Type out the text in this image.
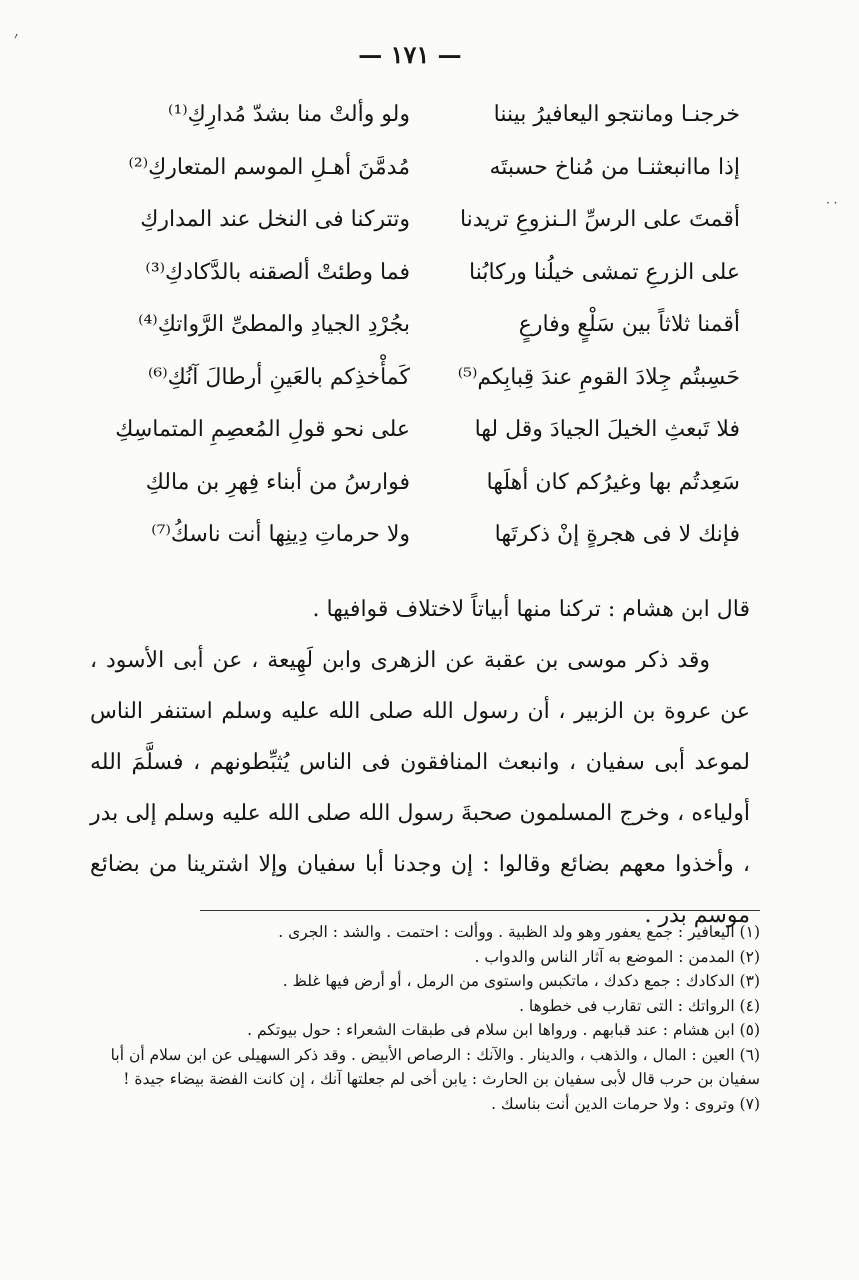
׳
· ·
— ١٧١ —
خرجنـا ومانتجو اليعافيرُ بيننا
ولو وألتْ منا بشدّ مُدارِكِ⁽¹⁾
إذا ماانبعثنـا من مُناخ حسبتَه
مُدمَّنَ أهـلِ الموسم المتعاركِ⁽²⁾
أقمتَ على الرسِّ الـنزوعِ تريدنا
وتتركنا فى النخل عند المداركِ
على الزرعِ تمشى خيلُنا وركابُنا
فما وطئتْ ألصقنه بالدَّكادكِ⁽³⁾
أقمنا ثلاثاً بين سَلْعٍ وفارعٍ
بجُرْدِ الجيادِ والمطىِّ الرَّواتكِ⁽⁴⁾
حَسِبتُم جِلادَ القومِ عندَ قِبابِكم⁽⁵⁾
كَمأْخذِكم بالعَينِ أرطالَ آنُكِ⁽⁶⁾
فلا تَبعثِ الخيلَ الجيادَ وقل لها
على نحو قولِ المُعصِمِ المتماسِكِ
سَعِدتُم بها وغيرُكم كان أهلَها
فوارسُ من أبناء فِهرِ بن مالكِ
فإنك لا فى هجرةٍ إنْ ذكرتَها
ولا حرماتِ دِينِها أنت ناسكُ⁽⁷⁾

قال ابن هشام : تركنا منها أبياتاً لاختلاف قوافيها .

وقد ذكر موسى بن عقبة عن الزهرى وابن لَهِيعة ، عن أبى الأسود ، عن عروة بن الزبير ، أن رسول الله صلى الله عليه وسلم استنفر الناس لموعد أبى سفيان ، وانبعث المنافقون فى الناس يُثبِّطونهم ، فسلَّمَ الله أولياءه ، وخرج المسلمون صحبةَ رسول الله صلى الله عليه وسلم إلى بدر ، وأخذوا معهم بضائع وقالوا : إن وجدنا أبا سفيان وإلا اشترينا من بضائع موسم بدر .

(١) اليعافير : جمع يعفور وهو ولد الظبية . ووألت : احتمت . والشد : الجرى .

(٢) المدمن : الموضع به آثار الناس والدواب .

(٣) الدكادك : جمع دكدك ، ماتكبس واستوى من الرمل ، أو أرض فيها غلظ .

(٤) الرواتك : التى تقارب فى خطوها .

(٥) ابن هشام : عند قبابهم . ورواها ابن سلام فى طبقات الشعراء : حول بيوتكم .

(٦) العين : المال ، والذهب ، والدينار . والآنك : الرصاص الأبيض . وقد ذكر السهيلى عن ابن سلام أن أبا سفيان بن حرب قال لأبى سفيان بن الحارث : يابن أخى لم جعلتها آنك ، إن كانت الفضة بيضاء جيدة !

(٧) وتروى : ولا حرمات الدين أنت بناسك .
